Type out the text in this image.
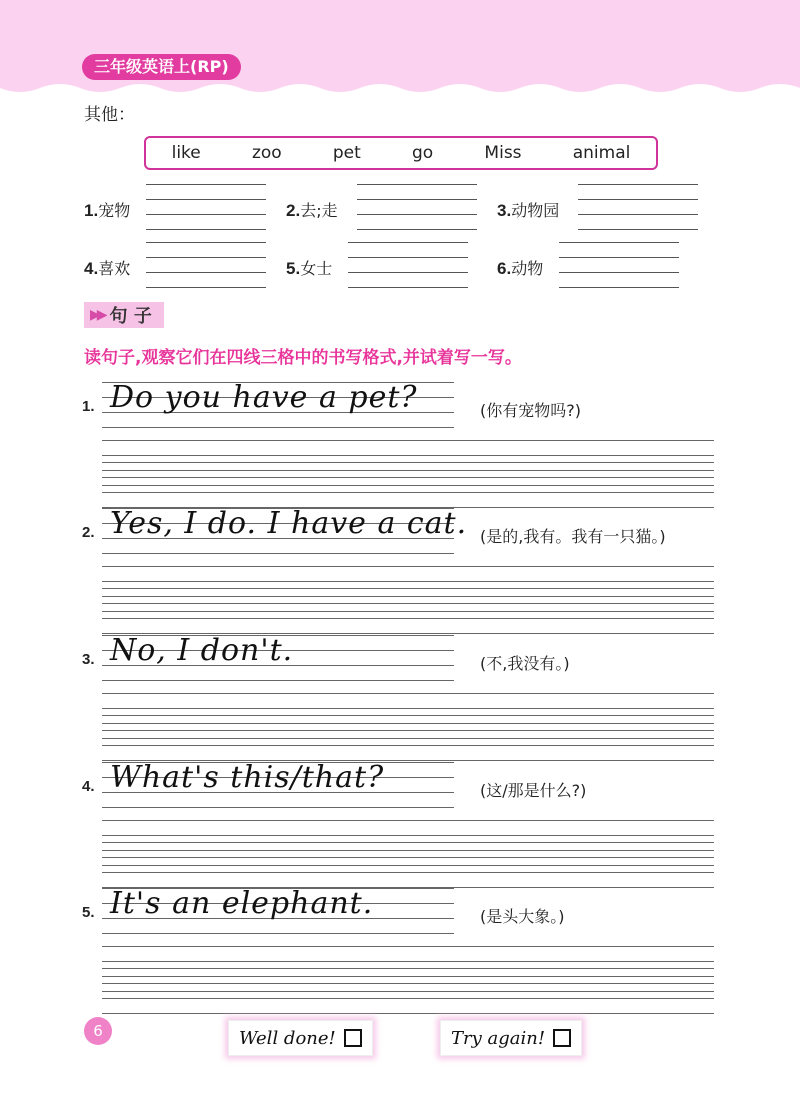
三年级英语上(RP)
其他：
like	zoo	pet	go	Miss	animal
1.宠物	2.去;走	3.动物园
4.喜欢	5.女士	6.动物
▶▶ 句 子
读句子,观察它们在四线三格中的书写格式,并试着写一写。
1. Do you have a pet?	(你有宠物吗?)
2. Yes, I do. I have a cat. (是的,我有。我有一只猫。)
3. No, I don't.	(不,我没有。)
4. What's this/that?	(这/那是什么?)
5. It's an elephant.	(是头大象。)
6	Well done!	Try again!
